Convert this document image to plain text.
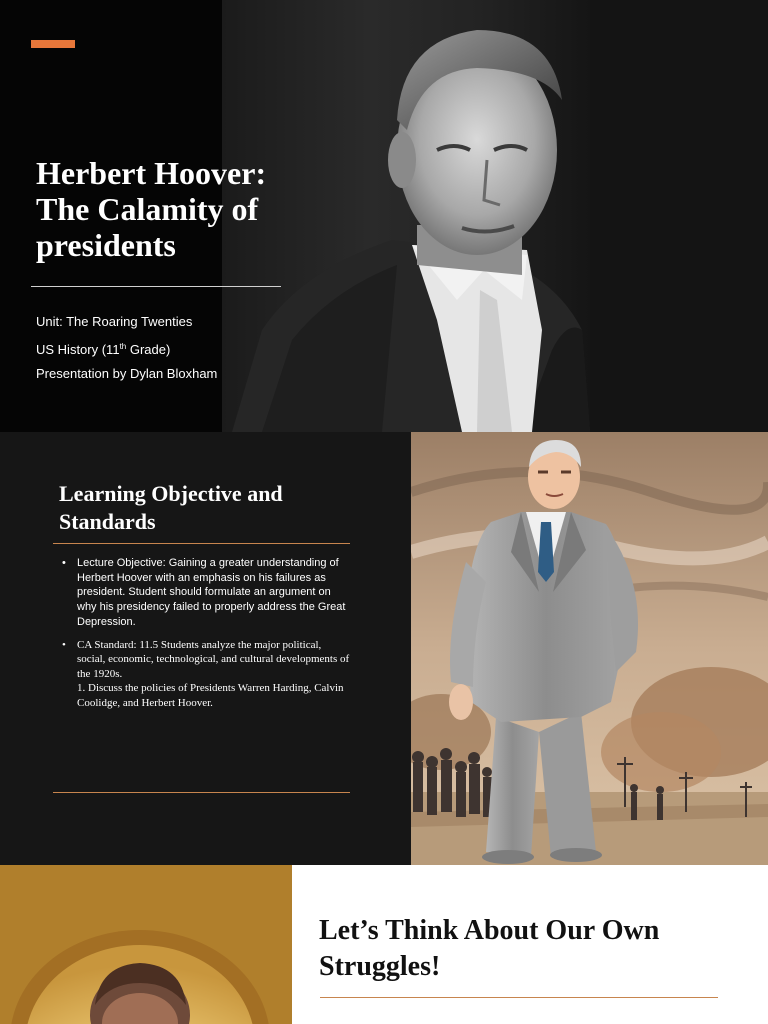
Herbert Hoover:
The Calamity of
presidents
Unit: The Roaring Twenties
US History (11th Grade)
Presentation by Dylan Bloxham
Learning Objective and
Standards
• Lecture Objective: Gaining a greater understanding of Herbert Hoover with an emphasis on his failures as president. Student should formulate an argument on why his presidency failed to properly address the Great Depression.
• CA Standard: 11.5 Students analyze the major political, social, economic, technological, and cultural developments of the 1920s.
1. Discuss the policies of Presidents Warren Harding, Calvin Coolidge, and Herbert Hoover.
Let’s Think About Our Own
Struggles!
